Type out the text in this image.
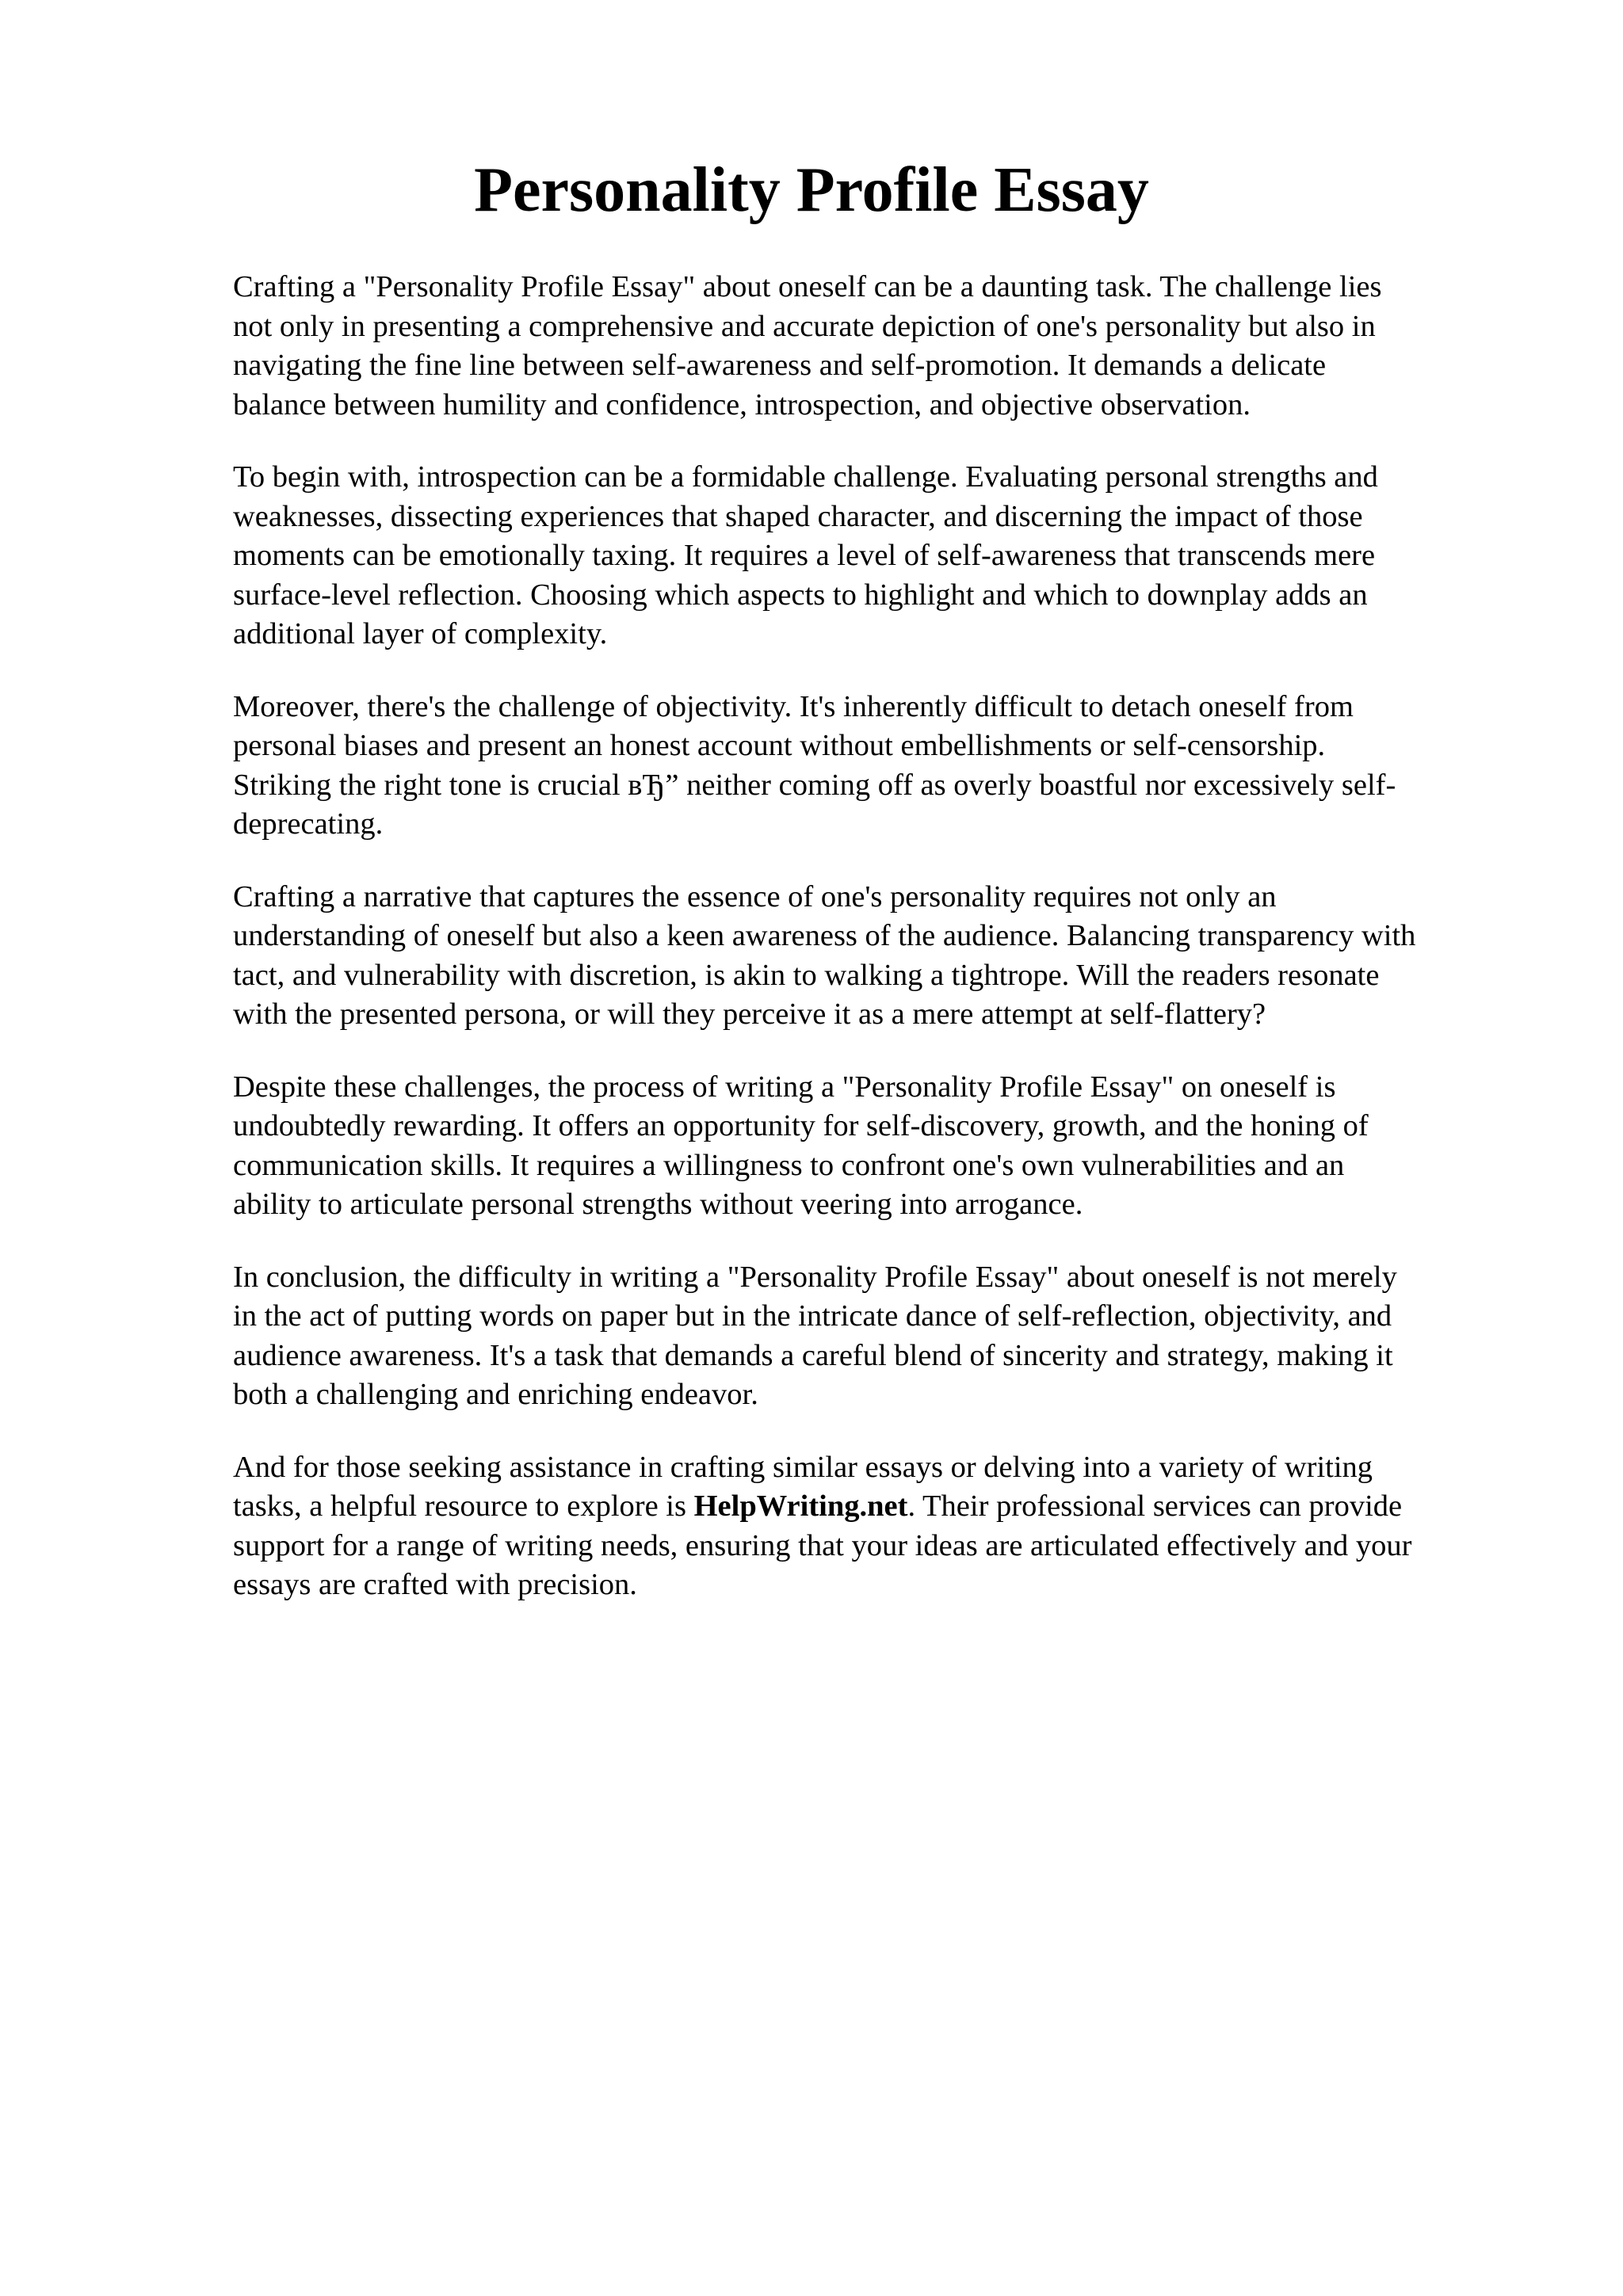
Personality Profile Essay

Crafting a "Personality Profile Essay" about oneself can be a daunting task. The challenge lies
not only in presenting a comprehensive and accurate depiction of one's personality but also in
navigating the fine line between self-awareness and self-promotion. It demands a delicate
balance between humility and confidence, introspection, and objective observation.

To begin with, introspection can be a formidable challenge. Evaluating personal strengths and
weaknesses, dissecting experiences that shaped character, and discerning the impact of those
moments can be emotionally taxing. It requires a level of self-awareness that transcends mere
surface-level reflection. Choosing which aspects to highlight and which to downplay adds an
additional layer of complexity.

Moreover, there's the challenge of objectivity. It's inherently difficult to detach oneself from
personal biases and present an honest account without embellishments or self-censorship.
Striking the right tone is crucial вЂ” neither coming off as overly boastful nor excessively self-
deprecating.

Crafting a narrative that captures the essence of one's personality requires not only an
understanding of oneself but also a keen awareness of the audience. Balancing transparency with
tact, and vulnerability with discretion, is akin to walking a tightrope. Will the readers resonate
with the presented persona, or will they perceive it as a mere attempt at self-flattery?

Despite these challenges, the process of writing a "Personality Profile Essay" on oneself is
undoubtedly rewarding. It offers an opportunity for self-discovery, growth, and the honing of
communication skills. It requires a willingness to confront one's own vulnerabilities and an
ability to articulate personal strengths without veering into arrogance.

In conclusion, the difficulty in writing a "Personality Profile Essay" about oneself is not merely
in the act of putting words on paper but in the intricate dance of self-reflection, objectivity, and
audience awareness. It's a task that demands a careful blend of sincerity and strategy, making it
both a challenging and enriching endeavor.

And for those seeking assistance in crafting similar essays or delving into a variety of writing
tasks, a helpful resource to explore is HelpWriting.net. Their professional services can provide
support for a range of writing needs, ensuring that your ideas are articulated effectively and your
essays are crafted with precision.
